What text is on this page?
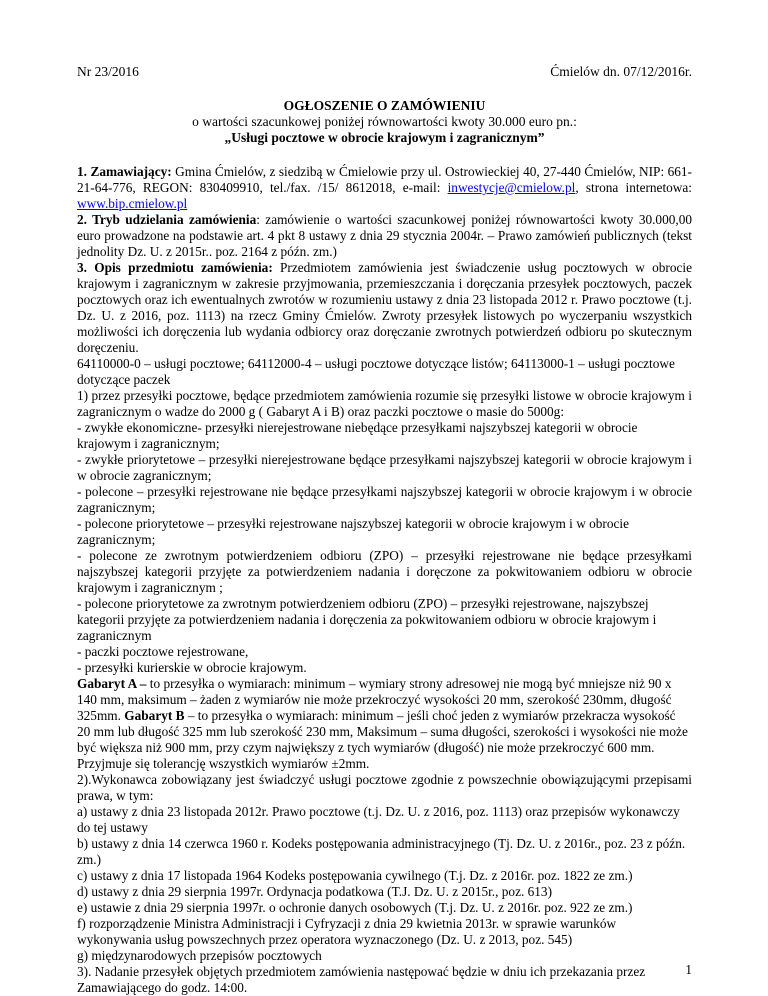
Nr 23/2016	Ćmielów dn. 07/12/2016r.
OGŁOSZENIE O ZAMÓWIENIU
o wartości szacunkowej poniżej równowartości kwoty 30.000 euro pn.:
„Usługi pocztowe w obrocie krajowym i zagranicznym”

1. Zamawiający: Gmina Ćmielów, z siedzibą w Ćmielowie przy ul. Ostrowieckiej 40, 27-440 Ćmielów, NIP: 661-21-64-776, REGON: 830409910, tel./fax. /15/ 8612018, e-mail: inwestycje@cmielow.pl, strona internetowa: www.bip.cmielow.pl

2. Tryb udzielania zamówienia: zamówienie o wartości szacunkowej poniżej równowartości kwoty 30.000,00 euro prowadzone na podstawie art. 4 pkt 8 ustawy z dnia 29 stycznia 2004r. – Prawo zamówień publicznych (tekst jednolity Dz. U. z 2015r.. poz. 2164 z późn. zm.)

3. Opis przedmiotu zamówienia: Przedmiotem zamówienia jest świadczenie usług pocztowych w obrocie krajowym i zagranicznym w zakresie przyjmowania, przemieszczania i doręczania przesyłek pocztowych, paczek pocztowych oraz ich ewentualnych zwrotów w rozumieniu ustawy z dnia 23 listopada 2012 r. Prawo pocztowe (t.j. Dz. U. z 2016, poz. 1113) na rzecz Gminy Ćmielów. Zwroty przesyłek listowych po wyczerpaniu wszystkich możliwości ich doręczenia lub wydania odbiorcy oraz doręczanie zwrotnych potwierdzeń odbioru po skutecznym doręczeniu.

64110000-0 – usługi pocztowe; 64112000-4 – usługi pocztowe dotyczące listów; 64113000-1 – usługi pocztowe dotyczące paczek

1) przez przesyłki pocztowe, będące przedmiotem zamówienia rozumie się przesyłki listowe w obrocie krajowym i zagranicznym o wadze do 2000 g ( Gabaryt A i B) oraz paczki pocztowe o masie do 5000g:

- zwykłe ekonomiczne- przesyłki nierejestrowane niebędące przesyłkami najszybszej kategorii w obrocie krajowym i zagranicznym;

- zwykłe priorytetowe – przesyłki nierejestrowane będące przesyłkami najszybszej kategorii w obrocie krajowym i w obrocie zagranicznym;

- polecone – przesyłki rejestrowane nie będące przesyłkami najszybszej kategorii w obrocie krajowym i w obrocie zagranicznym;

- polecone priorytetowe – przesyłki rejestrowane najszybszej kategorii w obrocie krajowym i w obrocie zagranicznym;

- polecone ze zwrotnym potwierdzeniem odbioru (ZPO) – przesyłki rejestrowane nie będące przesyłkami najszybszej kategorii przyjęte za potwierdzeniem nadania i doręczone za pokwitowaniem odbioru w obrocie krajowym i zagranicznym ;

- polecone priorytetowe za zwrotnym potwierdzeniem odbioru (ZPO) – przesyłki rejestrowane, najszybszej kategorii przyjęte za potwierdzeniem nadania i doręczenia za pokwitowaniem odbioru w obrocie krajowym i zagranicznym

- paczki pocztowe rejestrowane,

- przesyłki kurierskie w obrocie krajowym.

Gabaryt A – to przesyłka o wymiarach: minimum – wymiary strony adresowej nie mogą być mniejsze niż 90 x 140 mm, maksimum – żaden z wymiarów nie może przekroczyć wysokości 20 mm, szerokość 230mm, długość 325mm. Gabaryt B – to przesyłka o wymiarach: minimum – jeśli choć jeden z wymiarów przekracza wysokość 20 mm lub długość 325 mm lub szerokość 230 mm, Maksimum – suma długości, szerokości i wysokości nie może być większa niż 900 mm, przy czym największy z tych wymiarów (długość) nie może przekroczyć 600 mm. Przyjmuje się tolerancję wszystkich wymiarów ±2mm.

2).Wykonawca zobowiązany jest świadczyć usługi pocztowe zgodnie z powszechnie obowiązującymi przepisami prawa, w tym:

a) ustawy z dnia 23 listopada 2012r. Prawo pocztowe (t.j. Dz. U. z 2016, poz. 1113) oraz przepisów wykonawczy do tej ustawy

b) ustawy z dnia 14 czerwca 1960 r. Kodeks postępowania administracyjnego (Tj. Dz. U. z 2016r., poz. 23 z późn. zm.)

c) ustawy z dnia 17 listopada 1964 Kodeks postępowania cywilnego (T.j. Dz. z 2016r. poz. 1822 ze zm.)

d) ustawy z dnia 29 sierpnia 1997r. Ordynacja podatkowa (T.J. Dz. U. z 2015r., poz. 613)

e) ustawie z dnia 29 sierpnia 1997r. o ochronie danych osobowych (T.j. Dz. U. z 2016r. poz. 922 ze zm.)

f) rozporządzenie Ministra Administracji i Cyfryzacji z dnia 29 kwietnia 2013r. w sprawie warunków wykonywania usług powszechnych przez operatora wyznaczonego (Dz. U. z 2013, poz. 545)

g) międzynarodowych przepisów pocztowych

3). Nadanie przesyłek objętych przedmiotem zamówienia następować będzie w dniu ich przekazania przez Zamawiającego do godz. 14:00.

1
